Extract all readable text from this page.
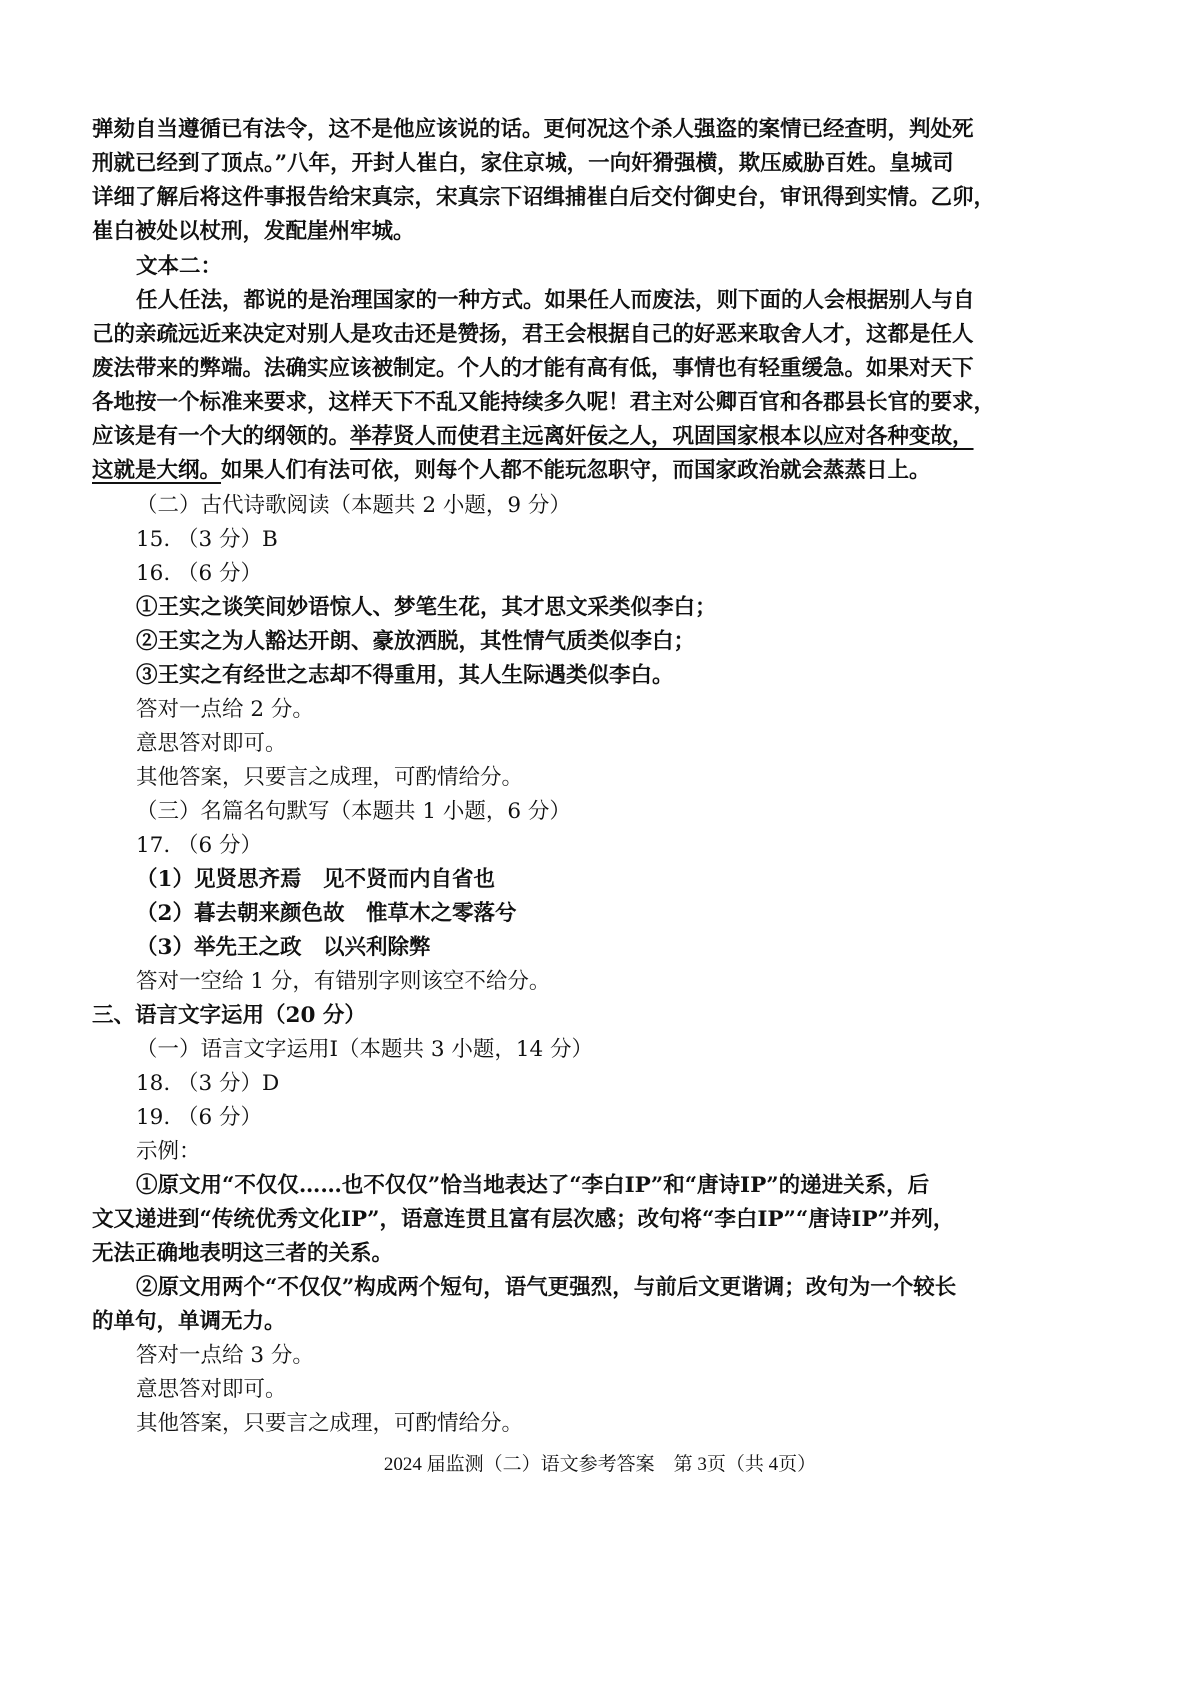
弹劾自当遵循已有法令，这不是他应该说的话。更何况这个杀人强盗的案情已经查明，判处死
刑就已经到了顶点。”八年，开封人崔白，家住京城，一向奸猾强横，欺压威胁百姓。皇城司
详细了解后将这件事报告给宋真宗，宋真宗下诏缉捕崔白后交付御史台，审讯得到实情。乙卯，
崔白被处以杖刑，发配崖州牢城。
文本二：
任人任法，都说的是治理国家的一种方式。如果任人而废法，则下面的人会根据别人与自
己的亲疏远近来决定对别人是攻击还是赞扬，君王会根据自己的好恶来取舍人才，这都是任人
废法带来的弊端。法确实应该被制定。个人的才能有高有低，事情也有轻重缓急。如果对天下
各地按一个标准来要求，这样天下不乱又能持续多久呢！君主对公卿百官和各郡县长官的要求，
应该是有一个大的纲领的。举荐贤人而使君主远离奸佞之人，巩固国家根本以应对各种变故，
这就是大纲。如果人们有法可依，则每个人都不能玩忽职守，而国家政治就会蒸蒸日上。
（二）古代诗歌阅读（本题共 2 小题，9 分）
15. （3 分）B
16. （6 分）
①王实之谈笑间妙语惊人、梦笔生花，其才思文采类似李白；
②王实之为人豁达开朗、豪放洒脱，其性情气质类似李白；
③王实之有经世之志却不得重用，其人生际遇类似李白。
答对一点给 2 分。
意思答对即可。
其他答案，只要言之成理，可酌情给分。
（三）名篇名句默写（本题共 1 小题，6 分）
17. （6 分）
（1）见贤思齐焉　见不贤而内自省也
（2）暮去朝来颜色故　惟草木之零落兮
（3）举先王之政　以兴利除弊
答对一空给 1 分，有错别字则该空不给分。
三、语言文字运用（20 分）
（一）语言文字运用Ⅰ（本题共 3 小题，14 分）
18. （3 分）D
19. （6 分）
示例：
①原文用“不仅仅……也不仅仅”恰当地表达了“李白IP”和“唐诗IP”的递进关系，后
文又递进到“传统优秀文化IP”，语意连贯且富有层次感；改句将“李白IP”“唐诗IP”并列，
无法正确地表明这三者的关系。
②原文用两个“不仅仅”构成两个短句，语气更强烈，与前后文更谐调；改句为一个较长
的单句，单调无力。
答对一点给 3 分。
意思答对即可。
其他答案，只要言之成理，可酌情给分。
2024 届监测（二）语文参考答案　第 3页（共 4页）
